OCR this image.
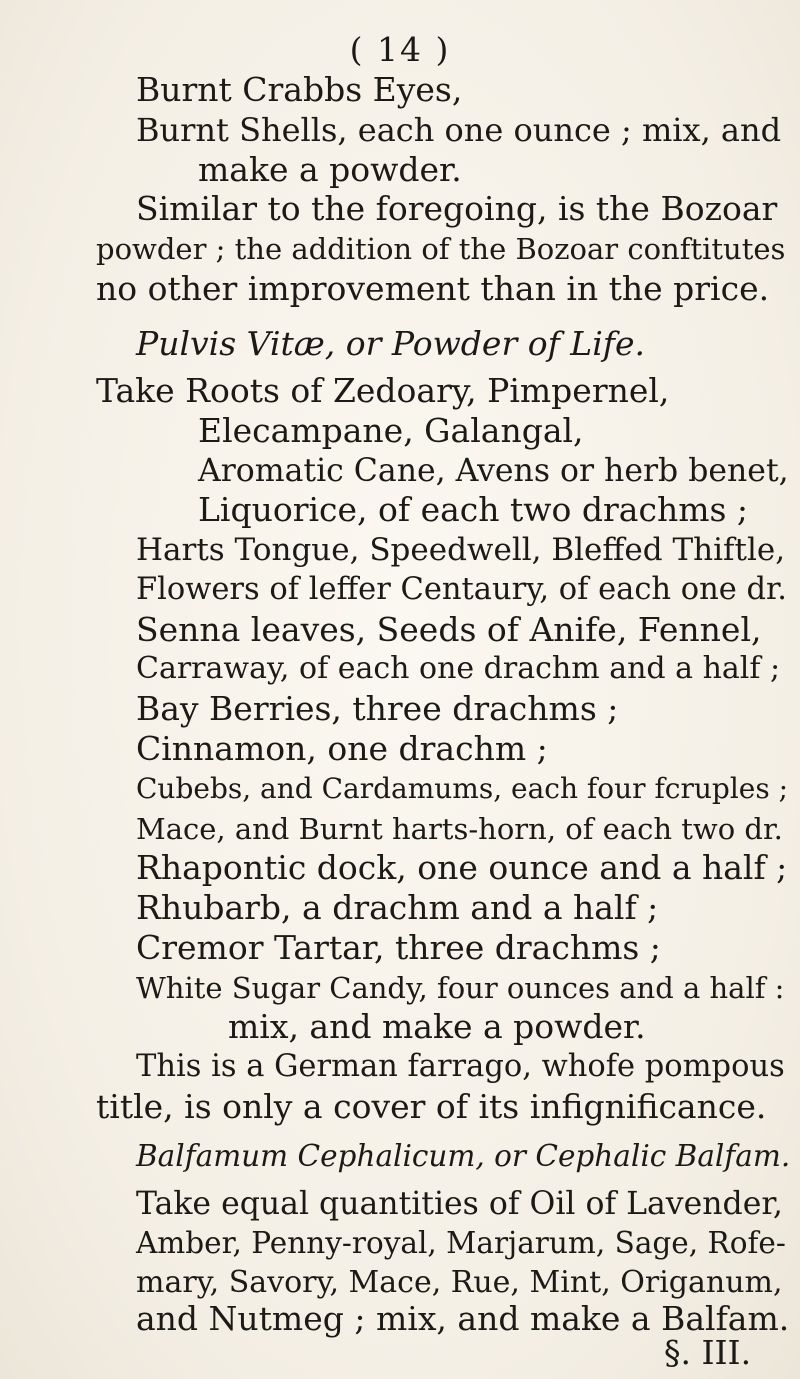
( 14 )
Burnt Crabbs Eyes,
Burnt Shells, each one ounce ; mix, and
make a powder.
Similar to the foregoing, is the Bozoar
powder ; the addition of the Bozoar conftitutes
no other improvement than in the price.
Pulvis Vitæ, or Powder of Life.
Take Roots of Zedoary, Pimpernel,
Elecampane, Galangal,
Aromatic Cane, Avens or herb benet,
Liquorice, of each two drachms ;
Harts Tongue, Speedwell, Bleffed Thiftle,
Flowers of leffer Centaury, of each one dr.
Senna leaves, Seeds of Anife, Fennel,
Carraway, of each one drachm and a half ;
Bay Berries, three drachms ;
Cinnamon, one drachm ;
Cubebs, and Cardamums, each four fcruples ;
Mace, and Burnt harts-horn, of each two dr.
Rhapontic dock, one ounce and a half ;
Rhubarb, a drachm and a half ;
Cremor Tartar, three drachms ;
White Sugar Candy, four ounces and a half :
mix, and make a powder.
This is a German farrago, whofe pompous
title, is only a cover of its infignificance.
Balfamum Cephalicum, or Cephalic Balfam.
Take equal quantities of Oil of Lavender,
Amber, Penny-royal, Marjarum, Sage, Rofe-
mary, Savory, Mace, Rue, Mint, Origanum,
and Nutmeg ; mix, and make a Balfam.
§. III.
